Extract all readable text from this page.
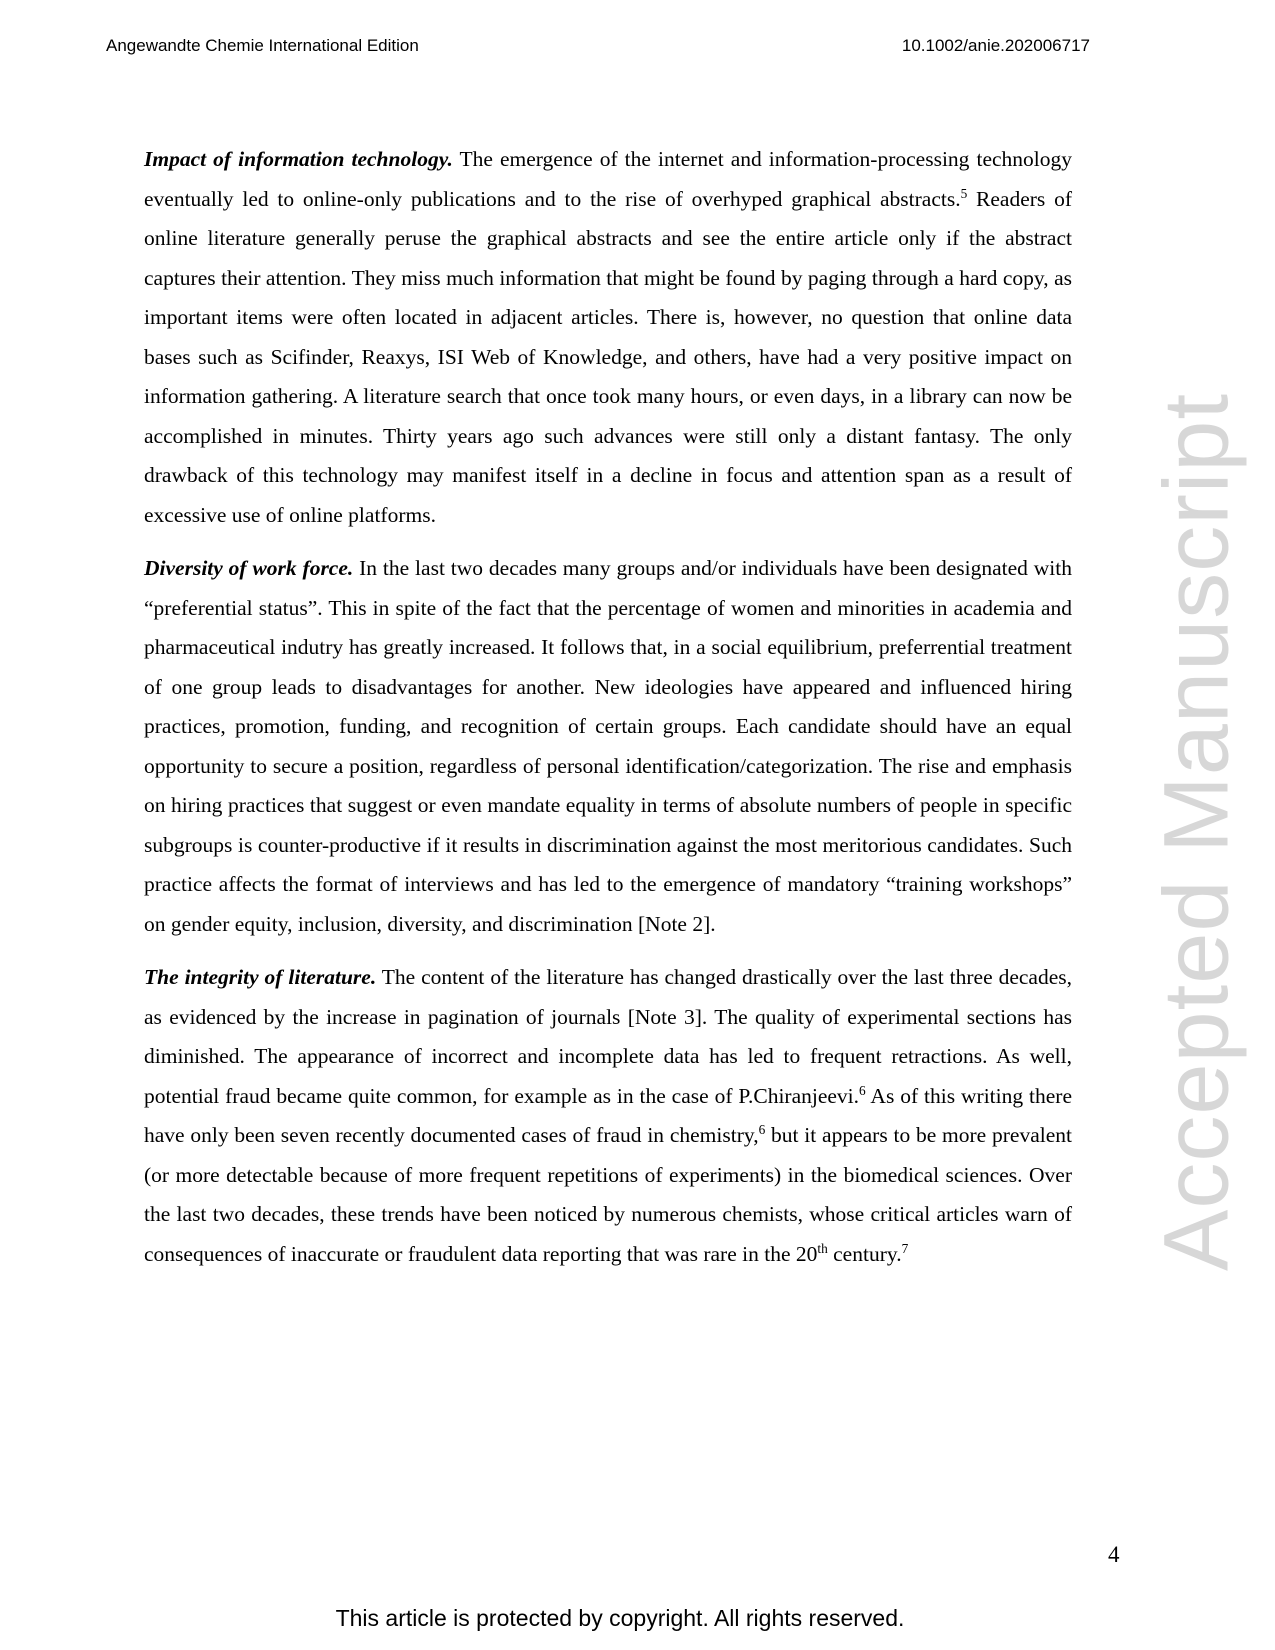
Angewandte Chemie International Edition	10.1002/anie.202006717
Accepted Manuscript

Impact of information technology. The emergence of the internet and information-processing technology eventually led to online-only publications and to the rise of overhyped graphical abstracts.$^5$ Readers of online literature generally peruse the graphical abstracts and see the entire article only if the abstract captures their attention. They miss much information that might be found by paging through a hard copy, as important items were often located in adjacent articles. There is, however, no question that online data bases such as Scifinder, Reaxys, ISI Web of Knowledge, and others, have had a very positive impact on information gathering. A literature search that once took many hours, or even days, in a library can now be accomplished in minutes. Thirty years ago such advances were still only a distant fantasy. The only drawback of this technology may manifest itself in a decline in focus and attention span as a result of excessive use of online platforms.

Diversity of work force. In the last two decades many groups and/or individuals have been designated with “preferential status”. This in spite of the fact that the percentage of women and minorities in academia and pharmaceutical indutry has greatly increased. It follows that, in a social equilibrium, preferrential treatment of one group leads to disadvantages for another. New ideologies have appeared and influenced hiring practices, promotion, funding, and recognition of certain groups. Each candidate should have an equal opportunity to secure a position, regardless of personal identification/categorization. The rise and emphasis on hiring practices that suggest or even mandate equality in terms of absolute numbers of people in specific subgroups is counter-productive if it results in discrimination against the most meritorious candidates. Such practice affects the format of interviews and has led to the emergence of mandatory “training workshops” on gender equity, inclusion, diversity, and discrimination [Note 2].

The integrity of literature. The content of the literature has changed drastically over the last three decades, as evidenced by the increase in pagination of journals [Note 3]. The quality of experimental sections has diminished. The appearance of incorrect and incomplete data has led to frequent retractions. As well, potential fraud became quite common, for example as in the case of P.Chiranjeevi.$^6$ As of this writing there have only been seven recently documented cases of fraud in chemistry,$^6$ but it appears to be more prevalent (or more detectable because of more frequent repetitions of experiments) in the biomedical sciences. Over the last two decades, these trends have been noticed by numerous chemists, whose critical articles warn of consequences of inaccurate or fraudulent data reporting that was rare in the 20th century.$^7$

4
This article is protected by copyright. All rights reserved.
